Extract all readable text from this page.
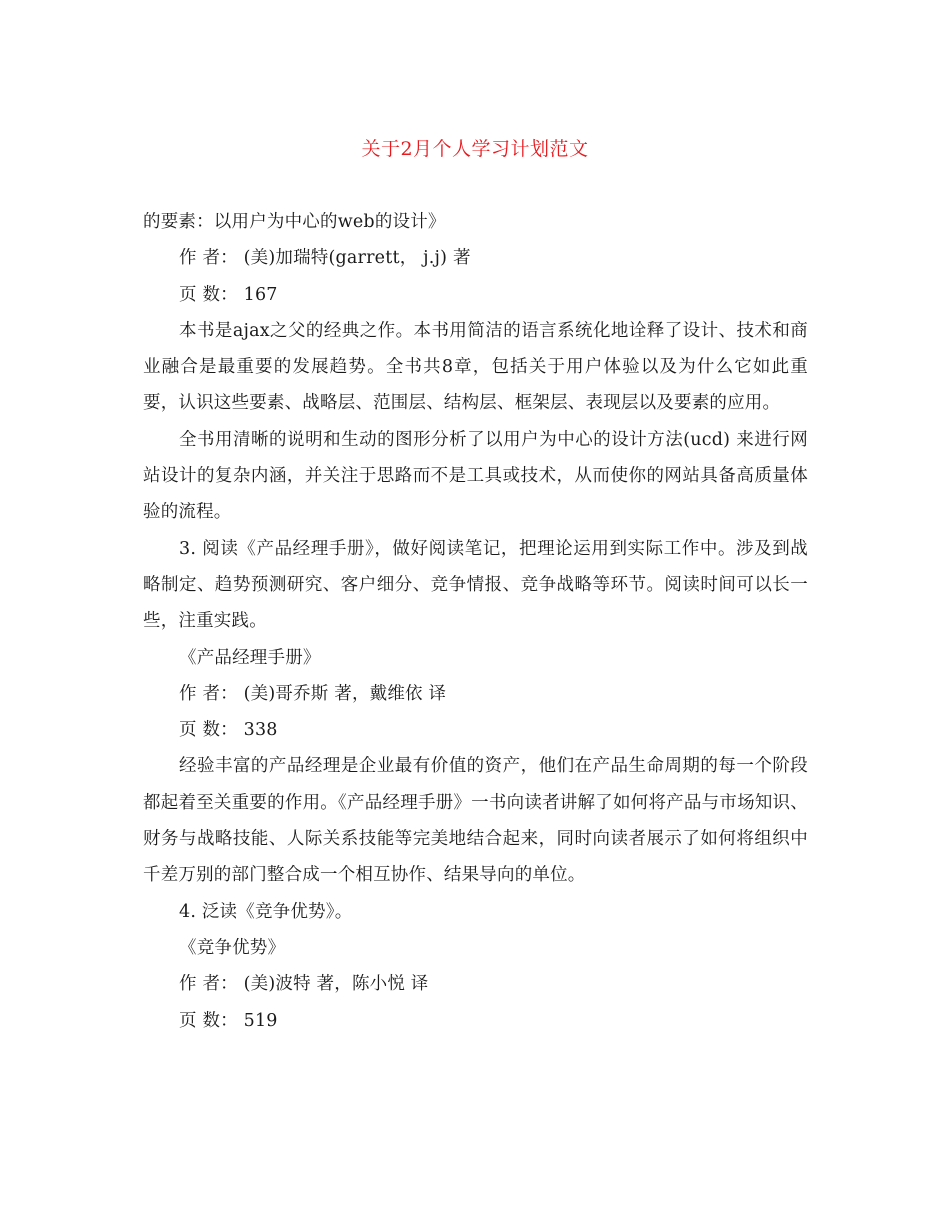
关于2月个人学习计划范文

的要素：以用户为中心的web的设计》

作 者： (美)加瑞特(garrett， j.j) 著

页 数： 167

本书是ajax之父的经典之作。本书用简洁的语言系统化地诠释了设计、技术和商业融合是最重要的发展趋势。全书共8章，包括关于用户体验以及为什么它如此重要，认识这些要素、战略层、范围层、结构层、框架层、表现层以及要素的应用。

全书用清晰的说明和生动的图形分析了以用户为中心的设计方法(ucd) 来进行网站设计的复杂内涵，并关注于思路而不是工具或技术，从而使你的网站具备高质量体验的流程。

3. 阅读《产品经理手册》，做好阅读笔记，把理论运用到实际工作中。涉及到战略制定、趋势预测研究、客户细分、竞争情报、竞争战略等环节。阅读时间可以长一些，注重实践。

《产品经理手册》

作 者： (美)哥乔斯 著，戴维依 译

页 数： 338

经验丰富的产品经理是企业最有价值的资产，他们在产品生命周期的每一个阶段都起着至关重要的作用。《产品经理手册》一书向读者讲解了如何将产品与市场知识、财务与战略技能、人际关系技能等完美地结合起来，同时向读者展示了如何将组织中千差万别的部门整合成一个相互协作、结果导向的单位。

4. 泛读《竞争优势》。

《竞争优势》

作 者： (美)波特 著，陈小悦 译

页 数： 519
